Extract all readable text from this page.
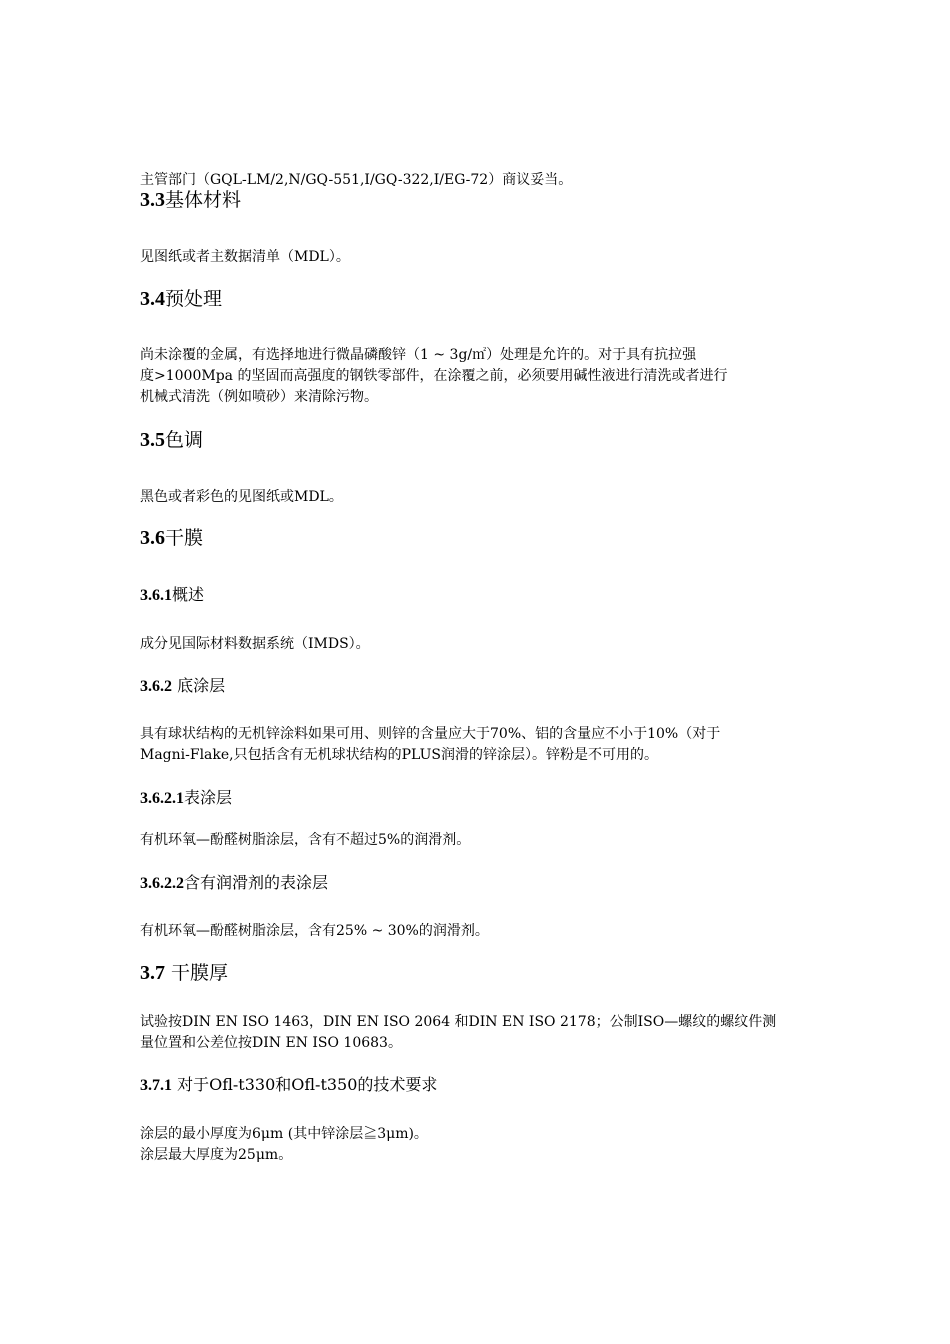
主管部门（GQL-LM/2,N/GQ-551,I/GQ-322,I/EG-72）商议妥当。

3.3基体材料

见图纸或者主数据清单（MDL）。

3.4预处理

尚未涂覆的金属，有选择地进行微晶磷酸锌（1 ~ 3g/㎡）处理是允许的。对于具有抗拉强
度>1000Mpa 的坚固而高强度的钢铁零部件，在涂覆之前，必须要用碱性液进行清洗或者进行
机械式清洗（例如喷砂）来清除污物。

3.5色调

黑色或者彩色的见图纸或MDL。

3.6干膜
3.6.1概述

成分见国际材料数据系统（IMDS）。

3.6.2 底涂层

具有球状结构的无机锌涂料如果可用、则锌的含量应大于70%、铝的含量应不小于10%（对于
Magni-Flake,只包括含有无机球状结构的PLUS润滑的锌涂层）。锌粉是不可用的。

3.6.2.1表涂层

有机环氧—酚醛树脂涂层，含有不超过5%的润滑剂。

3.6.2.2含有润滑剂的表涂层

有机环氧—酚醛树脂涂层，含有25% ~ 30%的润滑剂。

3.7 干膜厚

试验按DIN EN ISO 1463，DIN EN ISO 2064 和DIN EN ISO 2178；公制ISO—螺纹的螺纹件测
量位置和公差位按DIN EN ISO 10683。

3.7.1 对于Ofl-t330和Ofl-t350的技术要求

涂层的最小厚度为6μm (其中锌涂层≧3μm)。
涂层最大厚度为25μm。
